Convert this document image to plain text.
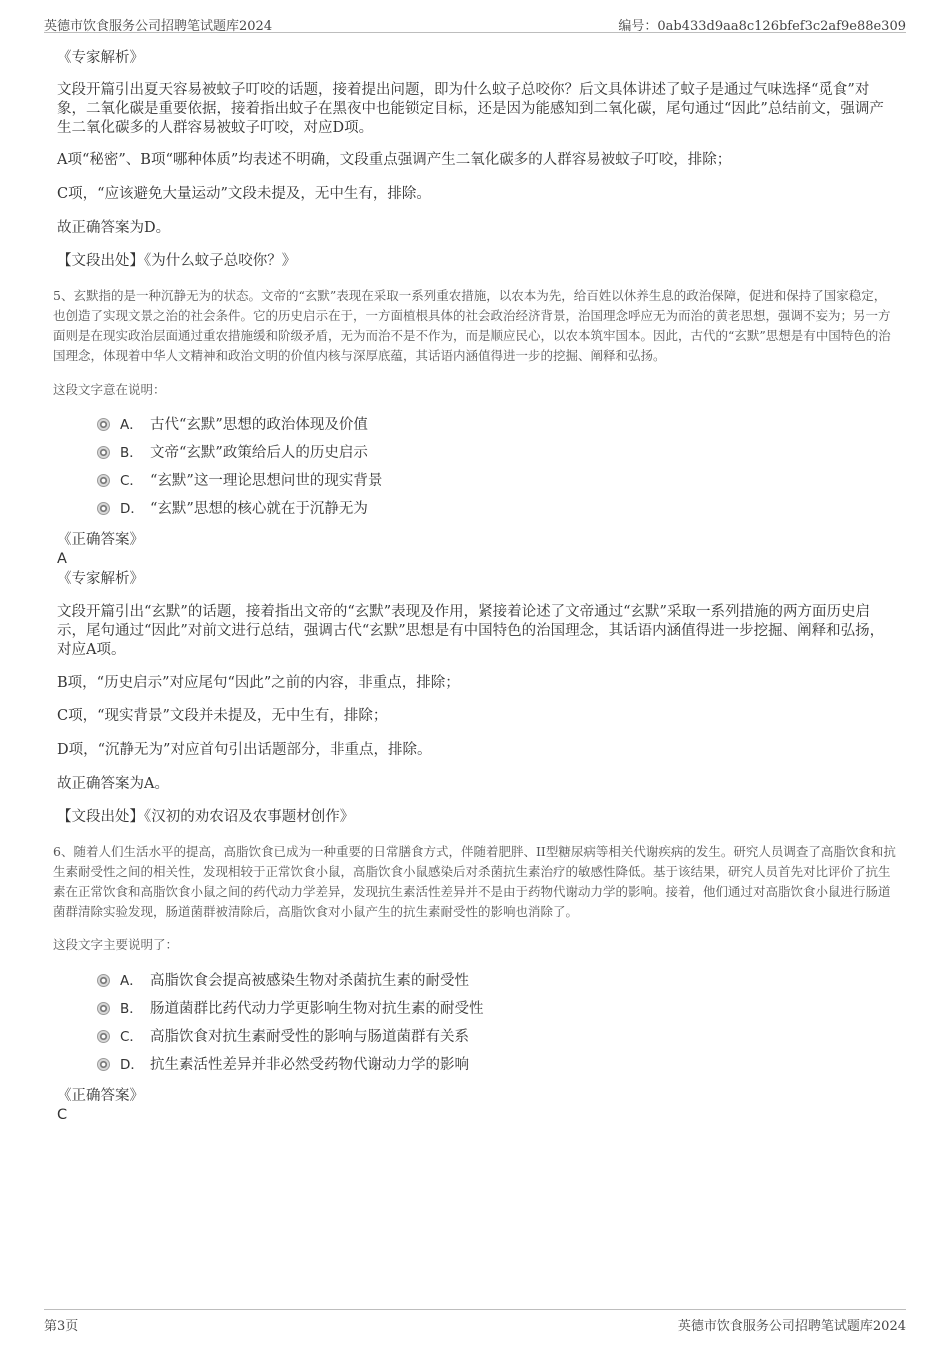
英德市饮食服务公司招聘笔试题库2024	编号：0ab433d9aa8c126bfef3c2af9e88e309
《专家解析》
文段开篇引出夏天容易被蚊子叮咬的话题，接着提出问题，即为什么蚊子总咬你？后文具体讲述了蚊子是通过气味选择“觅食”对象，二氧化碳是重要依据，接着指出蚊子在黑夜中也能锁定目标，还是因为能感知到二氧化碳，尾句通过“因此”总结前文，强调产生二氧化碳多的人群容易被蚊子叮咬，对应D项。
A项“秘密”、B项“哪种体质”均表述不明确，文段重点强调产生二氧化碳多的人群容易被蚊子叮咬，排除；
C项，“应该避免大量运动”文段未提及，无中生有，排除。
故正确答案为D。
【文段出处】《为什么蚊子总咬你？》
5、玄默指的是一种沉静无为的状态。文帝的“玄默”表现在采取一系列重农措施，以农本为先，给百姓以休养生息的政治保障，促进和保持了国家稳定，也创造了实现文景之治的社会条件。它的历史启示在于，一方面植根具体的社会政治经济背景，治国理念呼应无为而治的黄老思想，强调不妄为；另一方面则是在现实政治层面通过重农措施缓和阶级矛盾，无为而治不是不作为，而是顺应民心，以农本筑牢国本。因此，古代的“玄默”思想是有中国特色的治国理念，体现着中华人文精神和政治文明的价值内核与深厚底蕴，其话语内涵值得进一步的挖掘、阐释和弘扬。
这段文字意在说明：
A． 古代“玄默”思想的政治体现及价值
B． 文帝“玄默”政策给后人的历史启示
C． “玄默”这一理论思想问世的现实背景
D． “玄默”思想的核心就在于沉静无为
《正确答案》
A
《专家解析》
文段开篇引出“玄默”的话题，接着指出文帝的“玄默”表现及作用，紧接着论述了文帝通过“玄默”采取一系列措施的两方面历史启示，尾句通过“因此”对前文进行总结，强调古代“玄默”思想是有中国特色的治国理念，其话语内涵值得进一步挖掘、阐释和弘扬，对应A项。
B项，“历史启示”对应尾句“因此”之前的内容，非重点，排除；
C项，“现实背景”文段并未提及，无中生有，排除；
D项，“沉静无为”对应首句引出话题部分，非重点，排除。
故正确答案为A。
【文段出处】《汉初的劝农诏及农事题材创作》
6、随着人们生活水平的提高，高脂饮食已成为一种重要的日常膳食方式，伴随着肥胖、II型糖尿病等相关代谢疾病的发生。研究人员调查了高脂饮食和抗生素耐受性之间的相关性，发现相较于正常饮食小鼠，高脂饮食小鼠感染后对杀菌抗生素治疗的敏感性降低。基于该结果，研究人员首先对比评价了抗生素在正常饮食和高脂饮食小鼠之间的药代动力学差异，发现抗生素活性差异并不是由于药物代谢动力学的影响。接着，他们通过对高脂饮食小鼠进行肠道菌群清除实验发现，肠道菌群被清除后，高脂饮食对小鼠产生的抗生素耐受性的影响也消除了。
这段文字主要说明了：
A． 高脂饮食会提高被感染生物对杀菌抗生素的耐受性
B． 肠道菌群比药代动力学更影响生物对抗生素的耐受性
C． 高脂饮食对抗生素耐受性的影响与肠道菌群有关系
D． 抗生素活性差异并非必然受药物代谢动力学的影响
《正确答案》
C
第3页	英德市饮食服务公司招聘笔试题库2024
